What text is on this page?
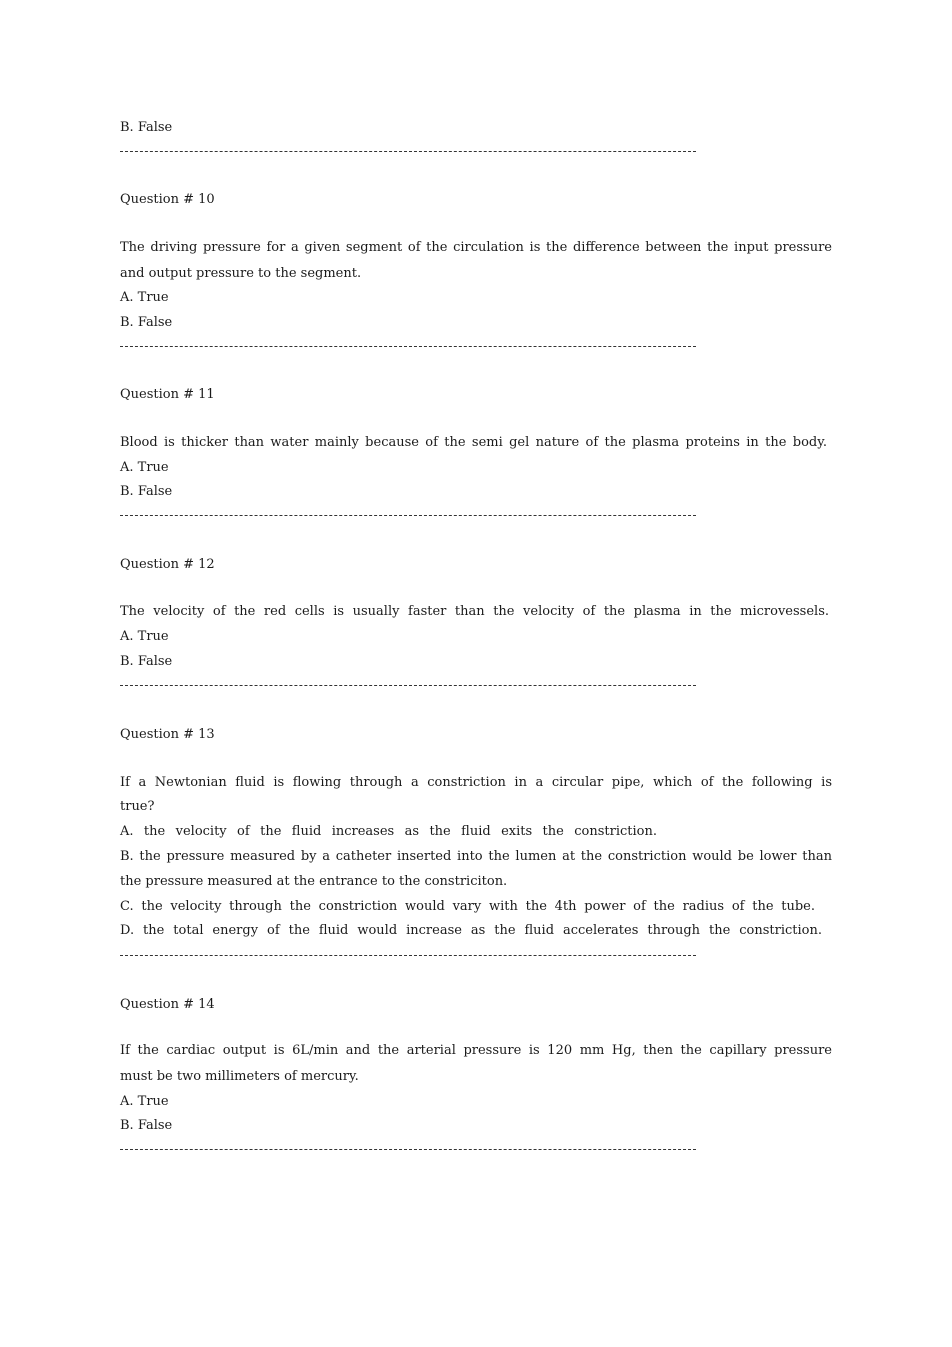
B. False
Question # 10
The driving pressure for a given segment of the circulation is the difference between the input pressure
and output pressure to the segment.
A. True
B. False
Question # 11
Blood is thicker than water mainly because of the semi gel nature of the plasma proteins in the body.
A. True
B. False
Question # 12
The velocity of the red cells is usually faster than the velocity of the plasma in the microvessels.
A. True
B. False
Question # 13
If a Newtonian fluid is flowing through a constriction in a circular pipe, which of the following is
true?
A. the velocity of the fluid increases as the fluid exits the constriction.
B. the pressure measured by a catheter inserted into the lumen at the constriction would be lower than
the pressure measured at the entrance to the constriciton.
C. the velocity through the constriction would vary with the 4th power of the radius of the tube.
D. the total energy of the fluid would increase as the fluid accelerates through the constriction.
Question # 14
If the cardiac output is 6L/min and the arterial pressure is 120 mm Hg, then the capillary pressure
must be two millimeters of mercury.
A. True
B. False
